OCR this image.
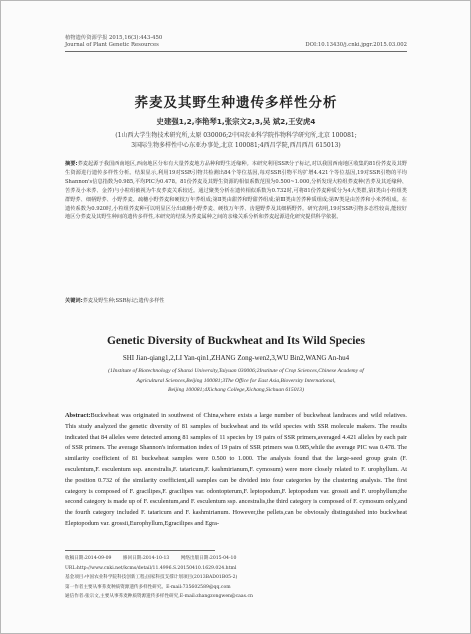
植物遗传资源学报 2015,16(3):443-450
Journal of Plant Genetic Resources	DOI:10.13430/j.cnki.jpgr.2015.03.002
荞麦及其野生种遗传多样性分析
史建强1,2,李艳琴1,张宗文2,3,吴 斌2,王安虎4
(1山西大学生物技术研究所,太原 030006;2中国农业科学院作物科学研究所,北京 100081;
3国际生物多样性中心东亚办事处,北京 100081;4西昌学院,西昌西昌 615013)
摘要:荞麦起源于我国西南地区,西南地区分布有大量荞麦地方品种和野生近缘种。本研究利用SSR分子标记,对以我国西南地区收集的81份荞麦及其野生资源进行遗传多样性分析。结果显示,利用19对SSR引物共检测出84个等位基因,每对SSR引物平均扩增4.421个等位基因,19对SSR引物的平均Shannon's信息指数为0.985,平均PIC为0.478。81份荞麦及其野生资源的相似系数范围为0.500~1.000,分析发现大粒组荞麦种(苦荞及其近缘种、苦荞及小米荞、金荞)与小粒组被视为牛皮荞麦关系较近。通过聚类分析在遗传相似系数为0.732时,可将81份荞麦种质分为4大类群,第Ⅰ类由小粒组类群野荞、细柄野荞、小野荞麦、疏穗小野荞麦和硬枝万年荞组成;第Ⅱ类由甜荞和野甜荞组成;第Ⅲ类由苦荞种质组成;第Ⅳ类是由苦荞和小米荞组成。在遗传系数为0.920时,小粒组荞麦种可以明显区分出疏穗小野荞麦、硬枝万年荞、齿翅野荞及其细柄野荞。研究表明,19对SSR引物多态性较高,能较好地区分荞麦及其野生种间的遗传多样性,本研究的结果为荞麦属种之间的亲缘关系分析和荞麦起源进化研究提供科学依据。
关键词:荞麦及野生种;SSR标记;遗传多样性
Genetic Diversity of Buckwheat and Its Wild Species
SHI Jian-qiang1,2,LI Yan-qin1,ZHANG Zong-wen2,3,WU Bin2,WANG An-hu4
(1Institute of Biotechnology of Shanxi University,Taiyuan 030006;2Institute of Crop Sciences,Chinese Academy of
Agricultural Sciences,Beijing 100081;3The Office for East Asia,Bioversity International,
Beijing 100081;4Xichang College,Xichang,Sichuan 615013)
Abstract:Buckwheat was originated in southwest of China,where exists a large number of buckwheat landraces and wild relatives. This study analyzed the genetic diversity of 81 samples of buckwheat and its wild species with SSR molecule makers. The results indicated that 84 alleles were detected among 81 samples of 11 species by 19 pairs of SSR primers,averaged 4.421 alleles by each pair of SSR primers. The average Shannon's information index of 19 pairs of SSR primers was 0.985,while the average PIC was 0.478. The similarity coefficient of 81 buckwheat samples were 0.500 to 1.000. The analysis found that the large-seed group grain (F. esculentum,F. esculentum ssp. ancestralis,F. tataricum,F. kashmirianum,F. cymosum) were more closely related to F. urophyllum. At the position 0.732 of the similarity coefficient,all samples can be divided into four categories by the clustering analysis. The first category is composed of F. gracilipes,F. gracilipes var. odontopterum,F. leptopodum,F. leptopodum var. grossii and F. urophyllum;the second category is made up of F. esculentum,and F. esculentum ssp. ancestralis,the third category is composed of F. cymosum only,and the fourth category included F. tataricum and F. kashmirianum. However,the pellets,can be obviously distinguished into buckwheat Eleptopodum var. grossii,Europhyllum,Egracilipes and Egra-
收稿日期:2014-09-09 修回日期:2014-10-13 网络出版日期:2015-04-10
URL:http://www.cnki.net/kcms/detail/11.4996.S.20150410.1629.024.html
基金项目:中国农业科学院科技创新工程;国家科技支撑计划项目(2013BAD01B05-2)
第一作者主要从事荞麦种质资源遗传多样性研究。E-mail:735602589@qq.com
通信作者:张宗文,主要从事荞麦种质资源遗传多样性研究,E-mail:zhangzongwen@caas.cn
